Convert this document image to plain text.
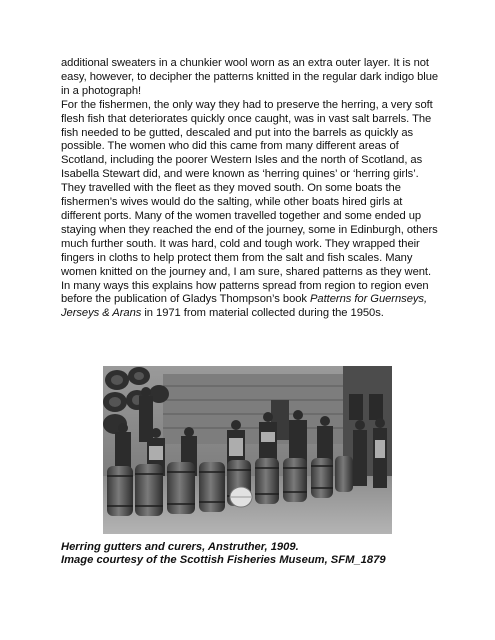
additional sweaters in a chunkier wool worn as an extra outer layer. It is not easy, however, to decipher the patterns knitted in the regular dark indigo blue in a photograph!

For the fishermen, the only way they had to preserve the herring, a very soft flesh fish that deteriorates quickly once caught, was in vast salt barrels. The fish needed to be gutted, descaled and put into the barrels as quickly as possible. The women who did this came from many different areas of Scotland, including the poorer Western Isles and the north of Scotland, as Isabella Stewart did, and were known as ‘herring quines’ or ‘herring girls’. They travelled with the fleet as they moved south. On some boats the fishermen’s wives would do the salting, while other boats hired girls at different ports. Many of the women travelled together and some ended up staying when they reached the end of the journey, some in Edinburgh, others much further south. It was hard, cold and tough work. They wrapped their fingers in cloths to help protect them from the salt and fish scales. Many women knitted on the journey and, I am sure, shared patterns as they went. In many ways this explains how patterns spread from region to region even before the publication of Gladys Thompson’s book Patterns for Guernseys, Jerseys & Arans in 1971 from material collected during the 1950s.

Herring gutters and curers, Anstruther, 1909.
Image courtesy of the Scottish Fisheries Museum, SFM_1879
